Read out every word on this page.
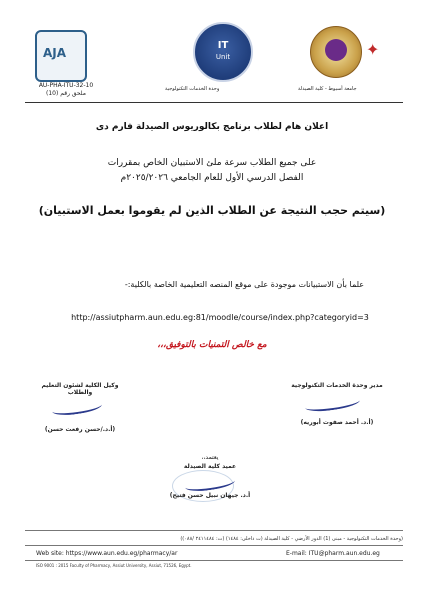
AJA
IT
Unit	✦
AU-PHA-ITU-32-10
ملحق رقم (10)
وحدة الخدمات التكنولوجية	جامعة أسيوط - كلية الصيدلة
اعلان هام لطلاب برنامج بكالوريوس الصيدلة فارم دى
على جميع الطلاب سرعة ملئ الاستبيان الخاص بمقررات
الفصل الدرسي الأول للعام الجامعي ٢٠٢٥/٢٠٢٦م
(سيتم حجب النتيجة عن الطلاب الذين لم يقوموا بعمل الاستبيان)
علما بأن الاستبيانات موجودة على موقع المنصه التعليمية الخاصة بالكلية:-
http://assiutpharm.aun.edu.eg:81/moodle/course/index.php?categoryid=3
مع خالص التمنيات بالتوفيق،،،
وكيل الكلية لشئون التعليم والطلاب
(أ.د./حسن رفعت حسن)
مدير وحدة الخدمات التكنولوجية
(أ.د. أحمد صفوت أبوريه)
يعتمد،،
عميد كلية الصيدلة
أ.د. جيهان نبيل حسن فتيح)
(وحدة الخدمات التكنولوجية - مبنى (1) الدور الأرضي - كلية الصيدلة (ت داخلى: ١٤٨٤) (ت: ٢٤١١٤٨٤ /٠٨٨))
Web site: https://www.aun.edu.eg/pharmacy/ar	E-mail: ITU@pharm.aun.edu.eg
ISO 9001 : 2015 Faculty of Pharmacy, Assiut University, Assiut, 71526, Egypt.
